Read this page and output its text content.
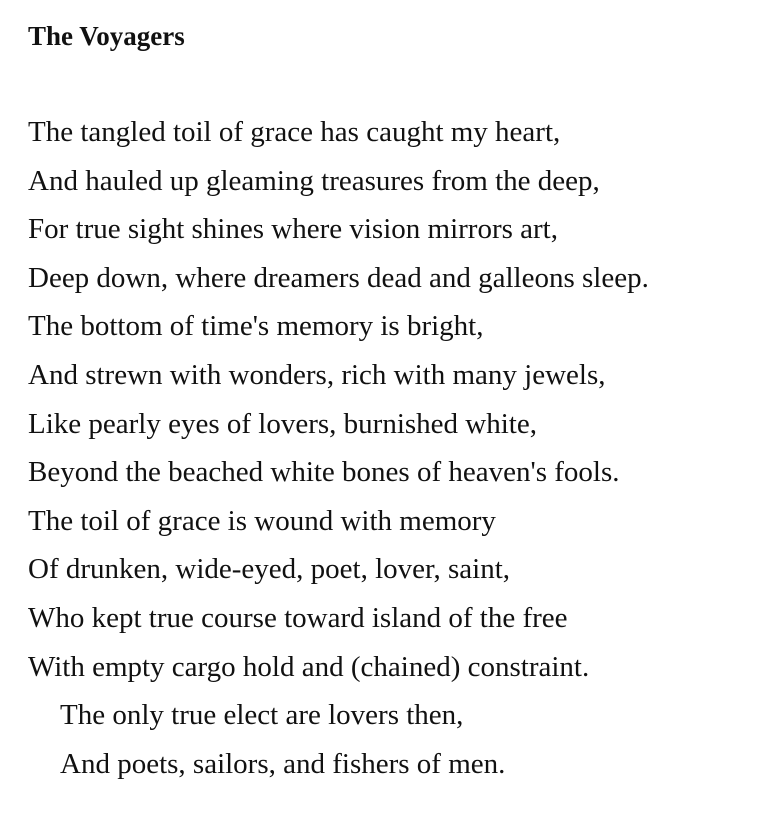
The Voyagers
The tangled toil of grace has caught my heart,
And hauled up gleaming treasures from the deep,
For true sight shines where vision mirrors art,
Deep down, where dreamers dead and galleons sleep.
The bottom of time's memory is bright,
And strewn with wonders, rich with many jewels,
Like pearly eyes of lovers, burnished white,
Beyond the beached white bones of heaven's fools.
The toil of grace is wound with memory
Of drunken, wide-eyed, poet, lover, saint,
Who kept true course toward island of the free
With empty cargo hold and (chained) constraint.
The only true elect are lovers then,
And poets, sailors, and fishers of men.
